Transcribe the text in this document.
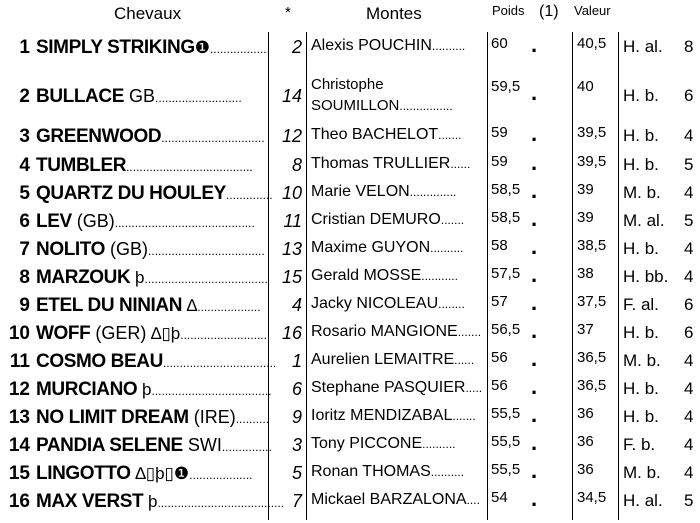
Chevaux	*	Montes	Poids (1) Valeur
1 SIMPLY STRIKING❶..................	2 Alexis POUCHIN..........	60 .	40,5 H. al. 8
2 BULLACE GB..........................	14
Christophe
SOUMILLON................
59,5 .	40 H. b. 6
3 GREENWOOD............................... 12 Theo BACHELOT.......	59 .	39,5 H. b. 4
4 TUMBLER......................................	8 Thomas TRULLIER......	59 .	39,5 H. b. 5
5 QUARTZ DU HOULEY.............. 10 Marie VELON..............	58,5 .	39 M. b. 4
6 LEV (GB)..........................................	11 Cristian DEMURO.......	58,5 .	39 M. al. 5
7 NOLITO (GB)................................... 13 Maxime GUYON..........	58 .	38,5 H. b. 4
8 MARZOUK þ..................................... 15 Gerald MOSSE...........	57,5 .	38 H. bb. 4
9 ETEL DU NINIAN ∆...................	4 Jacky NICOLEAU........	57 .	37,5 F. al. 6
10 WOFF (GER) ∆▯þ.......................... 16 Rosario MANGIONE....... 56,5 .	37 H. b. 6
11 COSMO BEAU.................................. 1 Aurelien LEMAITRE......	56 .	36,5 M. b. 4
12 MURCIANO þ....................................	6 Stephane PASQUIER..... 56 .	36,5 H. b. 4
13 NO LIMIT DREAM (IRE)..........	9 Ioritz MENDIZABAL.......	55,5 .	36 H. b. 4
14 PANDIA SELENE SWI...............	3 Tony PICCONE..........	55,5 .	36 F. b. 4
15 LINGOTTO ∆▯þ▯❶...................	5 Ronan THOMAS..........	55,5 .	36 M. b. 4
16 MAX VERST þ...................................... 7 Mickael BARZALONA.... 54 .	34,5 H. al. 5
